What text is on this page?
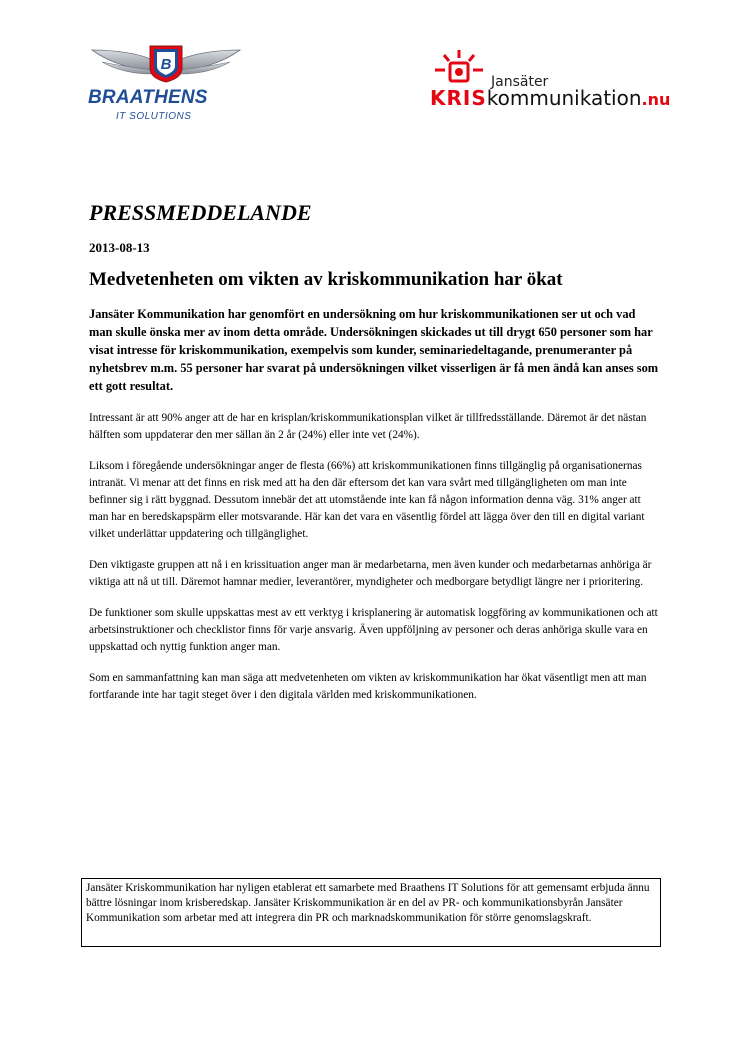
B
BRAATHENS
IT SOLUTIONS
Jansäter
KRISkommunikation.nu
PRESSMEDDELANDE
2013-08-13
Medvetenheten om vikten av kriskommunikation har ökat

Jansäter Kommunikation har genomfört en undersökning om hur kriskommunikationen ser ut och vad man skulle önska mer av inom detta område. Undersökningen skickades ut till drygt 650 personer som har visat intresse för kriskommunikation, exempelvis som kunder, seminariedeltagande, prenumeranter på nyhetsbrev m.m. 55 personer har svarat på undersökningen vilket visserligen är få men ändå kan anses som ett gott resultat.

Intressant är att 90% anger att de har en krisplan/kriskommunikationsplan vilket är tillfredsställande. Däremot är det nästan hälften som uppdaterar den mer sällan än 2 år (24%) eller inte vet (24%).

Liksom i föregående undersökningar anger de flesta (66%) att kriskommunikationen finns tillgänglig på organisationernas intranät. Vi menar att det finns en risk med att ha den där eftersom det kan vara svårt med tillgängligheten om man inte befinner sig i rätt byggnad. Dessutom innebär det att utomstående inte kan få någon information denna väg. 31% anger att man har en beredskapspärm eller motsvarande. Här kan det vara en väsentlig fördel att lägga över den till en digital variant vilket underlättar uppdatering och tillgänglighet.

Den viktigaste gruppen att nå i en krissituation anger man är medarbetarna, men även kunder och medarbetarnas anhöriga är viktiga att nå ut till. Däremot hamnar medier, leverantörer, myndigheter och medborgare betydligt längre ner i prioritering.

De funktioner som skulle uppskattas mest av ett verktyg i krisplanering är automatisk loggföring av kommunikationen och att arbetsinstruktioner och checklistor finns för varje ansvarig. Även uppföljning av personer och deras anhöriga skulle vara en uppskattad och nyttig funktion anger man.

Som en sammanfattning kan man säga att medvetenheten om vikten av kriskommunikation har ökat väsentligt men att man fortfarande inte har tagit steget över i den digitala världen med kriskommunikationen.

Jansäter Kriskommunikation har nyligen etablerat ett samarbete med Braathens IT Solutions för att gemensamt erbjuda ännu bättre lösningar inom krisberedskap. Jansäter Kriskommunikation är en del av PR- och kommunikationsbyrån Jansäter Kommunikation som arbetar med att integrera din PR och marknadskommunikation för större genomslagskraft.
